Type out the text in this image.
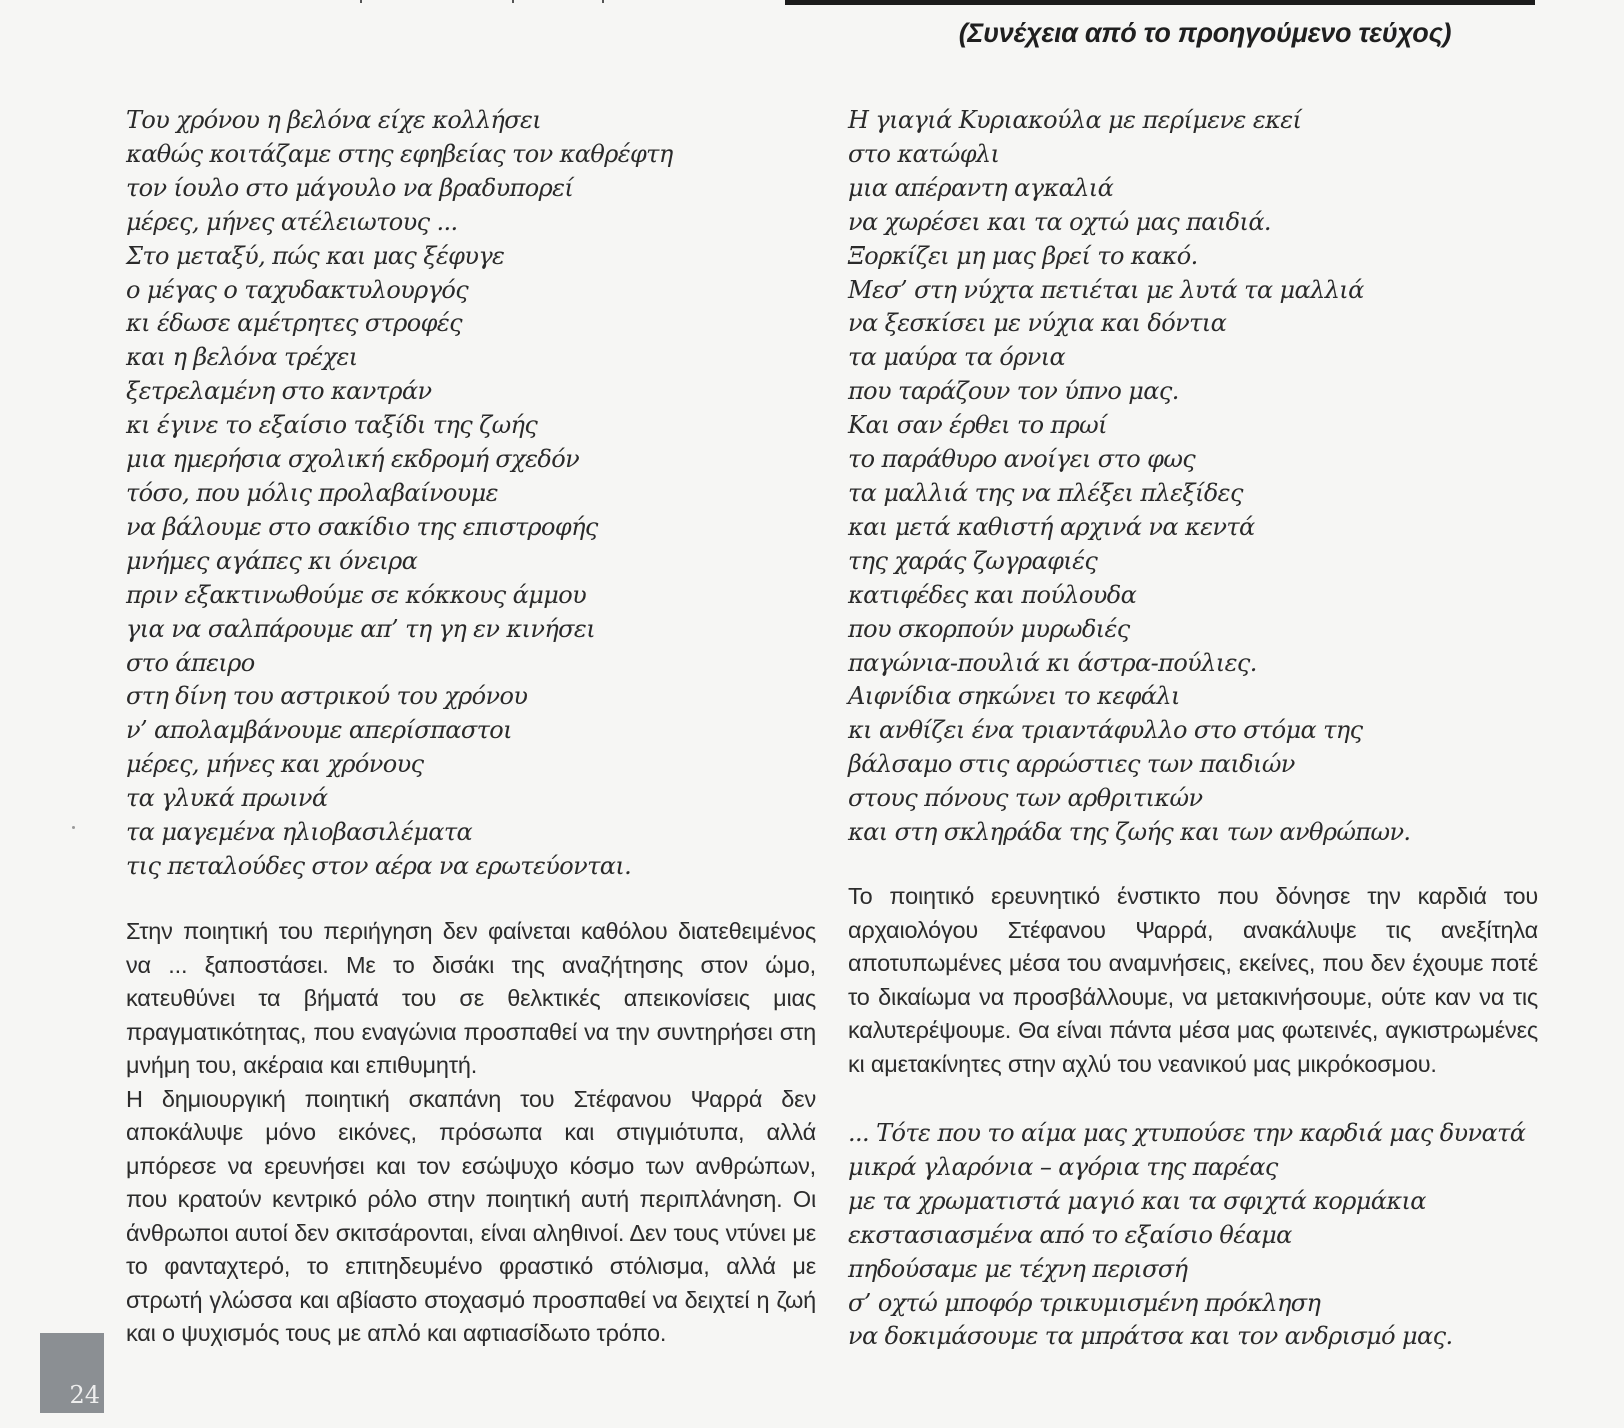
(Συνέχεια από το προηγούμενο τεύχος)
Του χρόνου η βελόνα είχε κολλήσει
καθώς κοιτάζαμε στης εφηβείας τον καθρέφτη
τον ίουλο στο μάγουλο να βραδυπορεί
μέρες, μήνες ατέλειωτους ...
Στο μεταξύ, πώς και μας ξέφυγε
ο μέγας ο ταχυδακτυλουργός
κι έδωσε αμέτρητες στροφές
και η βελόνα τρέχει
ξετρελαμένη στο καντράν
κι έγινε το εξαίσιο ταξίδι της ζωής
μια ημερήσια σχολική εκδρομή σχεδόν
τόσο, που μόλις προλαβαίνουμε
να βάλουμε στο σακίδιο της επιστροφής
μνήμες αγάπες κι όνειρα
πριν εξακτινωθούμε σε κόκκους άμμου
για να σαλπάρουμε απ’ τη γη εν κινήσει
στο άπειρο
στη δίνη του αστρικού του χρόνου
ν’ απολαμβάνουμε απερίσπαστοι
μέρες, μήνες και χρόνους
τα γλυκά πρωινά
τα μαγεμένα ηλιοβασιλέματα
τις πεταλούδες στον αέρα να ερωτεύονται.

Στην ποιητική του περιήγηση δεν φαίνεται καθόλου διατεθειμένος να ... ξαποστάσει. Με το δισάκι της αναζήτησης στον ώμο, κατευθύνει τα βήματά του σε θελκτικές απεικονίσεις μιας πραγματικότητας, που εναγώνια προσπαθεί να την συντηρήσει στη μνήμη του, ακέραια και επιθυμητή.

Η δημιουργική ποιητική σκαπάνη του Στέφανου Ψαρρά δεν αποκάλυψε μόνο εικόνες, πρόσωπα και στιγμιότυπα, αλλά μπόρεσε να ερευνήσει και τον εσώψυχο κόσμο των ανθρώπων, που κρατούν κεντρικό ρόλο στην ποιητική αυτή περιπλάνηση. Οι άνθρωποι αυτοί δεν σκιτσάρονται, είναι αληθινοί. Δεν τους ντύνει με το φανταχτερό, το επιτηδευμένο φραστικό στόλισμα, αλλά με στρωτή γλώσσα και αβίαστο στοχασμό προσπαθεί να δειχτεί η ζωή και ο ψυχισμός τους με απλό και αφτιασίδωτο τρόπο.

Η γιαγιά Κυριακούλα με περίμενε εκεί
στο κατώφλι
μια απέραντη αγκαλιά
να χωρέσει και τα οχτώ μας παιδιά.
Ξορκίζει μη μας βρεί το κακό.
Μεσ’ στη νύχτα πετιέται με λυτά τα μαλλιά
να ξεσκίσει με νύχια και δόντια
τα μαύρα τα όρνια
που ταράζουν τον ύπνο μας.
Και σαν έρθει το πρωί
το παράθυρο ανοίγει στο φως
τα μαλλιά της να πλέξει πλεξίδες
και μετά καθιστή αρχινά να κεντά
της χαράς ζωγραφιές
κατιφέδες και πούλουδα
που σκορπούν μυρωδιές
παγώνια-πουλιά κι άστρα-πούλιες.
Αιφνίδια σηκώνει το κεφάλι
κι ανθίζει ένα τριαντάφυλλο στο στόμα της
βάλσαμο στις αρρώστιες των παιδιών
στους πόνους των αρθριτικών
και στη σκληράδα της ζωής και των ανθρώπων.

Το ποιητικό ερευνητικό ένστικτο που δόνησε την καρδιά του αρχαιολόγου Στέφανου Ψαρρά, ανακάλυψε τις ανεξίτηλα αποτυπωμένες μέσα του αναμνήσεις, εκείνες, που δεν έχουμε ποτέ το δικαίωμα να προσβάλλουμε, να μετακινήσουμε, ούτε καν να τις καλυτερέψουμε. Θα είναι πάντα μέσα μας φωτεινές, αγκιστρωμένες κι αμετακίνητες στην αχλύ του νεανικού μας μικρόκοσμου.

... Τότε που το αίμα μας χτυπούσε την καρδιά μας δυνατά
μικρά γλαρόνια – αγόρια της παρέας
με τα χρωματιστά μαγιό και τα σφιχτά κορμάκια
εκστασιασμένα από το εξαίσιο θέαμα
πηδούσαμε με τέχνη περισσή
σ’ οχτώ μποφόρ τρικυμισμένη πρόκληση
να δοκιμάσουμε τα μπράτσα και τον ανδρισμό μας.
24
